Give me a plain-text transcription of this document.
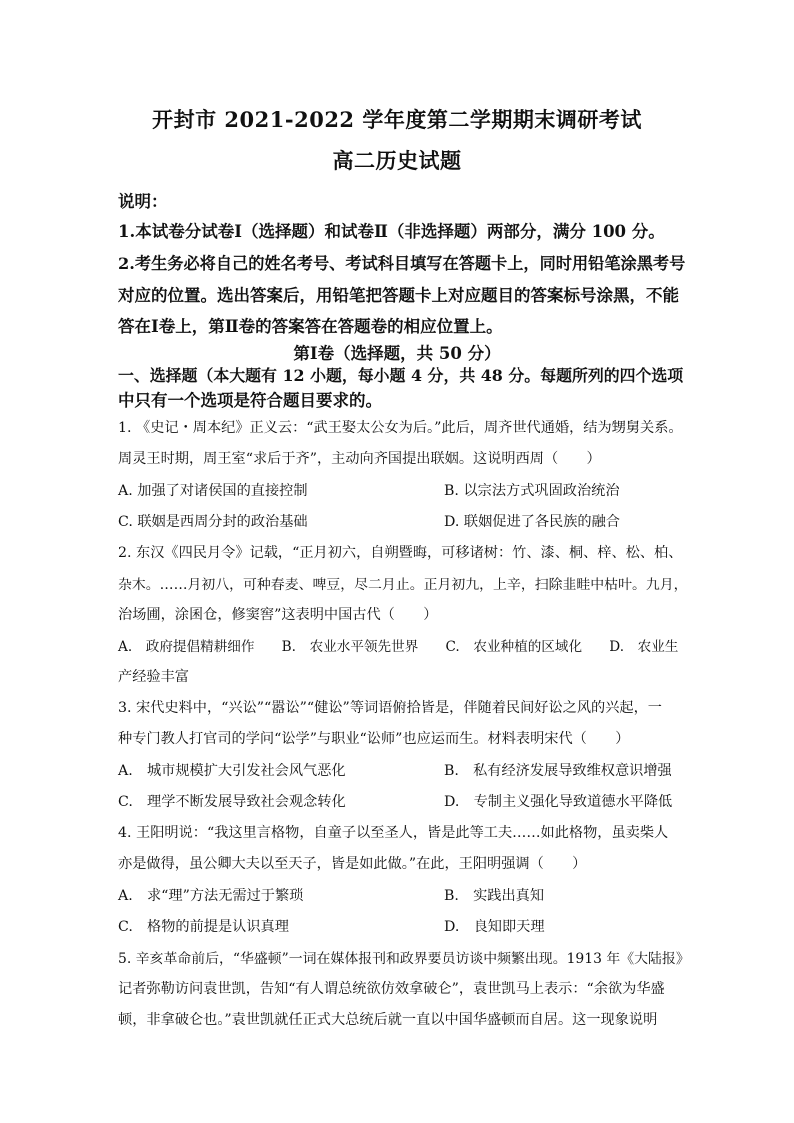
开封市 2021-2022 学年度第二学期期末调研考试
高二历史试题
说明：
1.本试卷分试卷Ⅰ（选择题）和试卷Ⅱ（非选择题）两部分，满分 100 分。
2.考生务必将自己的姓名考号、考试科目填写在答题卡上，同时用铅笔涂黑考号
对应的位置。选出答案后，用铅笔把答题卡上对应题目的答案标号涂黑，不能
答在Ⅰ卷上，第Ⅱ卷的答案答在答题卷的相应位置上。
第Ⅰ卷（选择题，共 50 分）
一、选择题（本大题有 12 小题，每小题 4 分，共 48 分。每题所列的四个选项
中只有一个选项是符合题目要求的。
1. 《史记・周本纪》正义云：“武王娶太公女为后。”此后，周齐世代通婚，结为甥舅关系。
周灵王时期，周王室“求后于齐”，主动向齐国提出联姻。这说明西周（　　）
A. 加强了对诸侯国的直接控制	B. 以宗法方式巩固政治统治
C. 联姻是西周分封的政治基础	D. 联姻促进了各民族的融合
2. 东汉《四民月令》记载，“正月初六，自朔暨晦，可移诸树：竹、漆、桐、梓、松、柏、
杂木。……月初八，可种春麦、啤豆，尽二月止。正月初九，上辛，扫除韭畦中枯叶。九月，
治场圃，涂囷仓，修窦窖”这表明中国古代（　　）
A.　政府提倡精耕细作　　B.　农业水平领先世界　　C.　农业种植的区域化　　D.　农业生
产经验丰富
3. 宋代史料中，“兴讼”“嚣讼”“健讼”等词语俯拾皆是，伴随着民间好讼之风的兴起，一
种专门教人打官司的学问“讼学”与职业“讼师”也应运而生。材料表明宋代（　　）
A.　城市规模扩大引发社会风气恶化	B.　私有经济发展导致维权意识增强
C.　理学不断发展导致社会观念转化	D.　专制主义强化导致道德水平降低
4. 王阳明说：“我这里言格物，自童子以至圣人，皆是此等工夫……如此格物，虽卖柴人
亦是做得，虽公卿大夫以至天子，皆是如此做。”在此，王阳明强调（　　）
A.　求“理”方法无需过于繁琐	B.　实践出真知
C.　格物的前提是认识真理	D.　良知即天理
5. 辛亥革命前后，“华盛顿”一词在媒体报刊和政界要员访谈中频繁出现。1913 年《大陆报》
记者弥勒访问袁世凯，告知“有人谓总统欲仿效拿破仑”，袁世凯马上表示：“余欲为华盛
顿，非拿破仑也。”袁世凯就任正式大总统后就一直以中国华盛顿而自居。这一现象说明
